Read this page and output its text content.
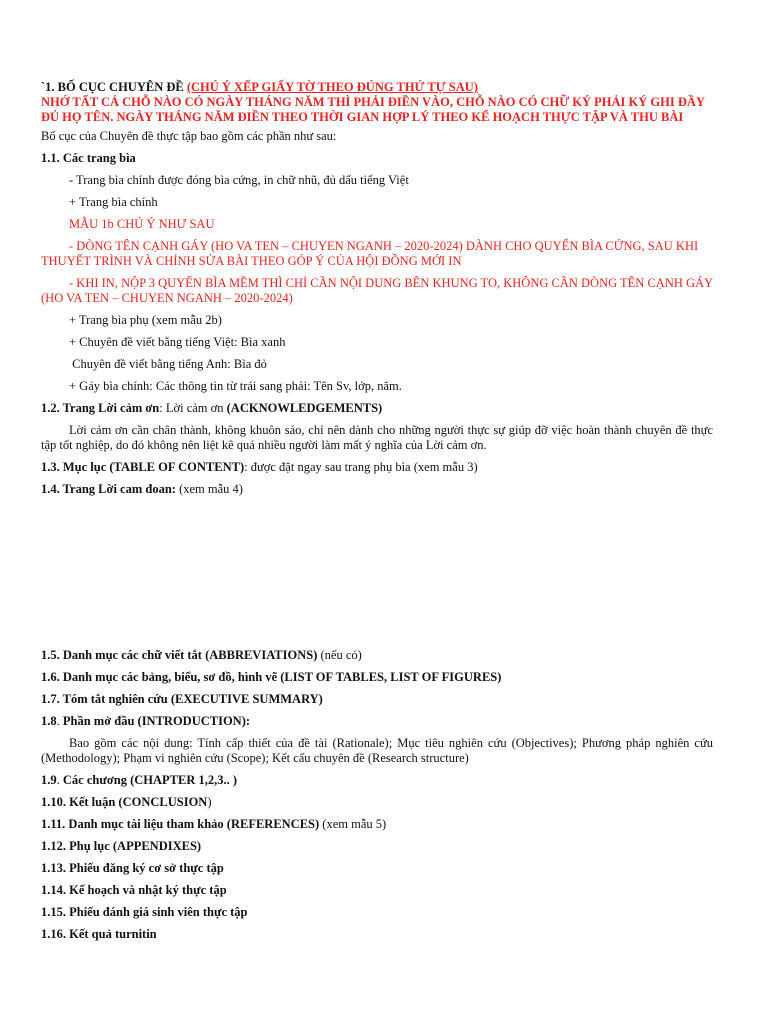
`1. BỐ CỤC CHUYÊN ĐỀ (CHÚ Ý XẾP GIẤY TỜ THEO ĐÚNG THỨ TỰ SAU)
NHỚ TẤT CẢ CHỖ NÀO CÓ NGÀY THÁNG NĂM THÌ PHẢI ĐIỀN VÀO, CHỖ NÀO CÓ CHỮ KÝ PHẢI KÝ GHI ĐẦY ĐỦ HỌ TÊN. NGÀY THÁNG NĂM ĐIỀN THEO THỜI GIAN HỢP LÝ THEO KẾ HOẠCH THỰC TẬP VÀ THU BÀI
Bố cục của Chuyên đề thực tập bao gồm các phần như sau:
1.1. Các trang bìa
- Trang bìa chính được đóng bìa cứng, in chữ nhũ, đủ dấu tiếng Việt
+ Trang bìa chính
MẪU 1b CHÚ Ý NHƯ SAU
- DÒNG TÊN CẠNH GÁY (HO VA TEN – CHUYEN NGANH – 2020-2024) DÀNH CHO QUYỂN BÌA CỨNG, SAU KHI THUYẾT TRÌNH VÀ CHỈNH SỬA BÀI THEO GÓP Ý CỦA HỘI ĐỒNG MỚI IN
- KHI IN, NỘP 3 QUYỂN BÌA MỀM THÌ CHỈ CẦN NỘI DUNG BÊN KHUNG TO, KHÔNG CẦN DÒNG TÊN CẠNH GÁY (HO VA TEN – CHUYEN NGANH – 2020-2024)
+ Trang bìa phụ (xem mẫu 2b)
+ Chuyên đề viết bằng tiếng Việt: Bìa xanh
Chuyên đề viết bằng tiếng Anh: Bìa đỏ
+ Gáy bìa chính: Các thông tin từ trái sang phải: Tên Sv, lớp, năm.
1.2. Trang Lời cảm ơn: Lời cảm ơn (ACKNOWLEDGEMENTS)
Lời cảm ơn cần chân thành, không khuôn sáo, chỉ nên dành cho những người thực sự giúp đỡ việc hoàn thành chuyên đề thực tập tốt nghiệp, do đó không nên liệt kê quá nhiều người làm mất ý nghĩa của Lời cảm ơn.
1.3. Mục lục (TABLE OF CONTENT): được đặt ngay sau trang phụ bìa (xem mẫu 3)
1.4. Trang Lời cam đoan: (xem mẫu 4)
1.5. Danh mục các chữ viết tắt (ABBREVIATIONS) (nếu có)
1.6. Danh mục các bảng, biểu, sơ đồ, hình vẽ (LIST OF TABLES, LIST OF FIGURES)
1.7. Tóm tắt nghiên cứu (EXECUTIVE SUMMARY)
1.8. Phần mở đầu (INTRODUCTION):
Bao gồm các nội dung: Tính cấp thiết của đề tài (Rationale); Mục tiêu nghiên cứu (Objectives); Phương pháp nghiên cứu (Methodology); Phạm vi nghiên cứu (Scope); Kết cấu chuyên đề (Research structure)
1.9. Các chương (CHAPTER 1,2,3.. )
1.10. Kết luận (CONCLUSION)
1.11. Danh mục tài liệu tham khảo (REFERENCES) (xem mẫu 5)
1.12. Phụ lục (APPENDIXES)
1.13. Phiếu đăng ký cơ sở thực tập
1.14. Kế hoạch và nhật ký thực tập
1.15. Phiếu đánh giá sinh viên thực tập
1.16. Kết quả turnitin
